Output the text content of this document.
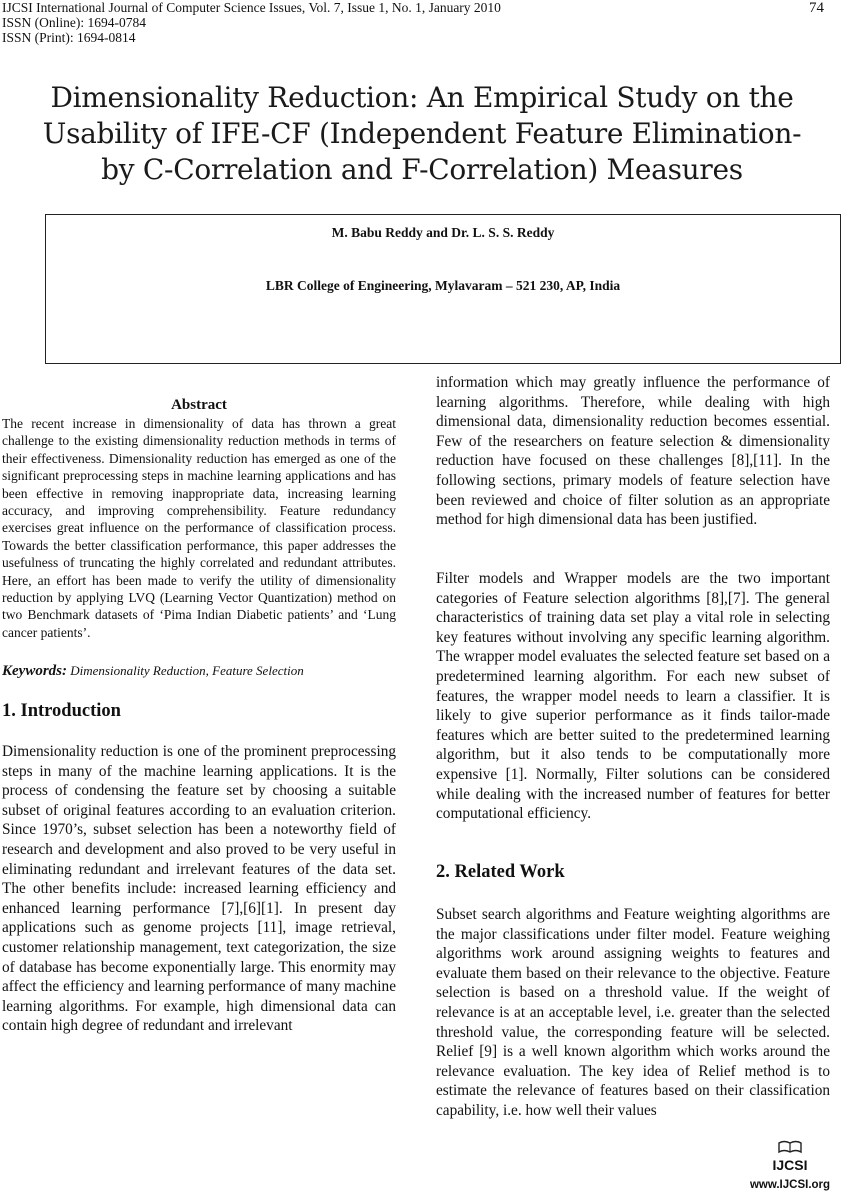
IJCSI International Journal of Computer Science Issues, Vol. 7, Issue 1, No. 1, January 2010
ISSN (Online): 1694-0784
ISSN (Print): 1694-0814
74
Dimensionality Reduction: An Empirical Study on the
Usability of IFE-CF (Independent Feature Elimination-
by C-Correlation and F-Correlation) Measures
M. Babu Reddy and Dr. L. S. S. Reddy
LBR College of Engineering, Mylavaram – 521 230, AP, India
Abstract
The recent increase in dimensionality of data has thrown a great challenge to the existing dimensionality reduction methods in terms of their effectiveness. Dimensionality reduction has emerged as one of the significant preprocessing steps in machine learning applications and has been effective in removing inappropriate data, increasing learning accuracy, and improving comprehensibility. Feature redundancy exercises great influence on the performance of classification process. Towards the better classification performance, this paper addresses the usefulness of truncating the highly correlated and redundant attributes. Here, an effort has been made to verify the utility of dimensionality reduction by applying LVQ (Learning Vector Quantization) method on two Benchmark datasets of ‘Pima Indian Diabetic patients’ and ‘Lung cancer patients’.
Keywords: Dimensionality Reduction, Feature Selection
1. Introduction
Dimensionality reduction is one of the prominent preprocessing steps in many of the machine learning applications. It is the process of condensing the feature set by choosing a suitable subset of original features according to an evaluation criterion. Since 1970’s, subset selection has been a noteworthy field of research and development and also proved to be very useful in eliminating redundant and irrelevant features of the data set. The other benefits include: increased learning efficiency and enhanced learning performance [7],[6][1]. In present day applications such as genome projects [11], image retrieval, customer relationship management, text categorization, the size of database has become exponentially large. This enormity may affect the efficiency and learning performance of many machine learning algorithms. For example, high dimensional data can contain high degree of redundant and irrelevant
information which may greatly influence the performance of learning algorithms. Therefore, while dealing with high dimensional data, dimensionality reduction becomes essential. Few of the researchers on feature selection & dimensionality reduction have focused on these challenges [8],[11]. In the following sections, primary models of feature selection have been reviewed and choice of filter solution as an appropriate method for high dimensional data has been justified.
Filter models and Wrapper models are the two important categories of Feature selection algorithms [8],[7]. The general characteristics of training data set play a vital role in selecting key features without involving any specific learning algorithm. The wrapper model evaluates the selected feature set based on a predetermined learning algorithm. For each new subset of features, the wrapper model needs to learn a classifier. It is likely to give superior performance as it finds tailor-made features which are better suited to the predetermined learning algorithm, but it also tends to be computationally more expensive [1]. Normally, Filter solutions can be considered while dealing with the increased number of features for better computational efficiency.
2. Related Work
Subset search algorithms and Feature weighting algorithms are the major classifications under filter model. Feature weighing algorithms work around assigning weights to features and evaluate them based on their relevance to the objective. Feature selection is based on a threshold value. If the weight of relevance is at an acceptable level, i.e. greater than the selected threshold value, the corresponding feature will be selected. Relief [9] is a well known algorithm which works around the relevance evaluation. The key idea of Relief method is to estimate the relevance of features based on their classification capability, i.e. how well their values
IJCSI
www.IJCSI.org
